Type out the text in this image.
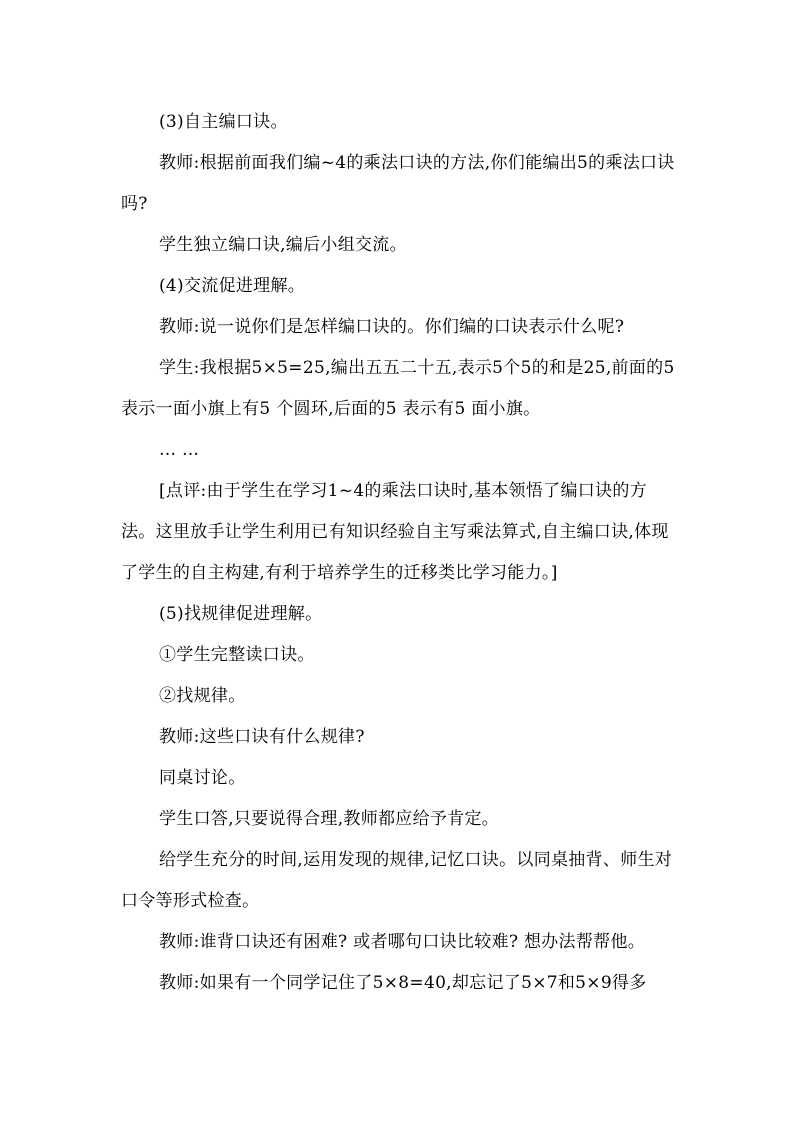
(3)自主编口诀。

教师:根据前面我们编~4的乘法口诀的方法,你们能编出5的乘法口诀吗?

学生独立编口诀,编后小组交流。

(4)交流促进理解。

教师:说一说你们是怎样编口诀的。你们编的口诀表示什么呢?

学生:我根据5×5=25,编出五五二十五,表示5个5的和是25,前面的5 表示一面小旗上有5 个圆环,后面的5 表示有5 面小旗。

… …

[点评:由于学生在学习1~4的乘法口诀时,基本领悟了编口诀的方法。这里放手让学生利用已有知识经验自主写乘法算式,自主编口诀,体现了学生的自主构建,有利于培养学生的迁移类比学习能力。]

(5)找规律促进理解。

①学生完整读口诀。

②找规律。

教师:这些口诀有什么规律?

同桌讨论。

学生口答,只要说得合理,教师都应给予肯定。

给学生充分的时间,运用发现的规律,记忆口诀。以同桌抽背、师生对口令等形式检查。

教师:谁背口诀还有困难? 或者哪句口诀比较难? 想办法帮帮他。

教师:如果有一个同学记住了5×8=40,却忘记了5×7和5×9得多
